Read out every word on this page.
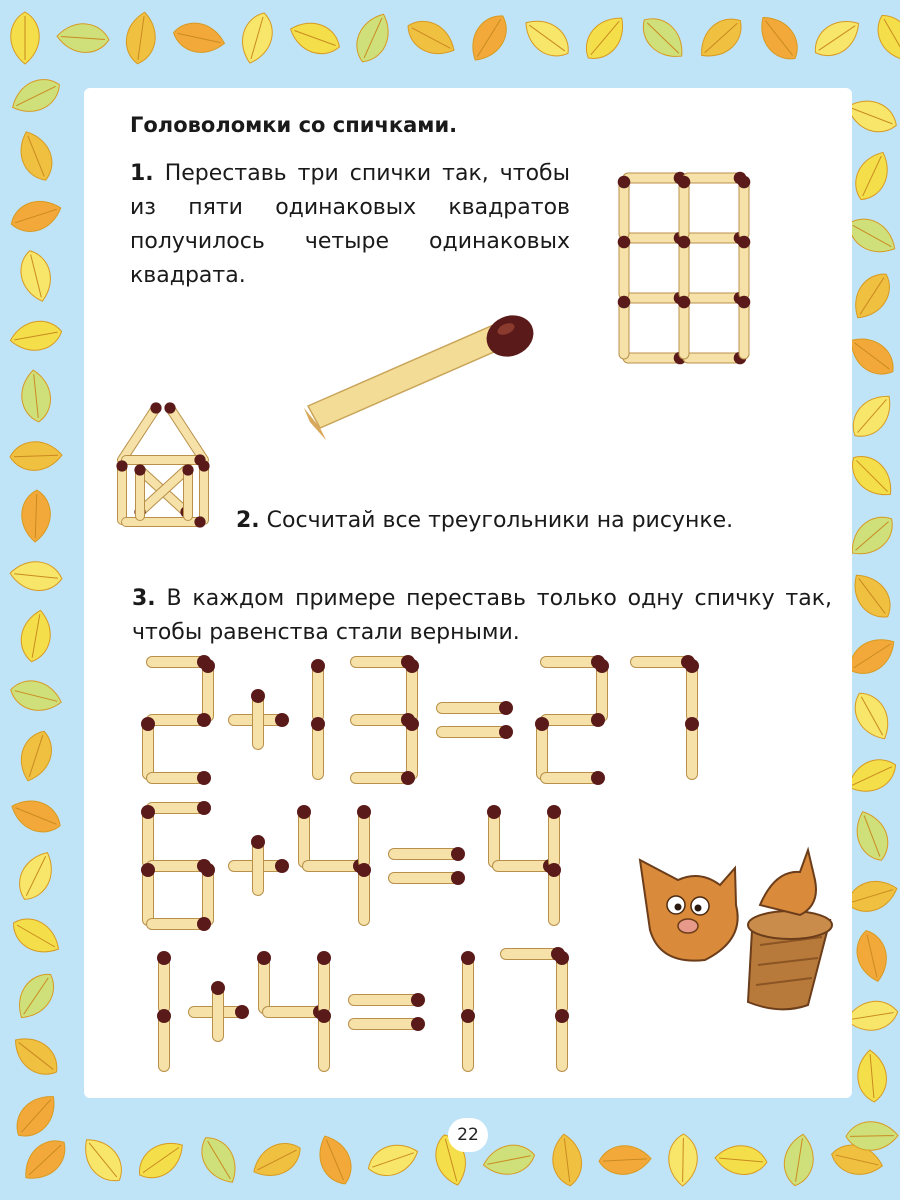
Головоломки со спичками.
1. Переставь три спички так, чтобы из пяти одинаковых квадратов получилось четыре одинаковых квадрата.
2. Сосчитай все треугольники на рисунке.
3. В каждом примере переставь только одну спичку так, чтобы равенства стали верными.
22
